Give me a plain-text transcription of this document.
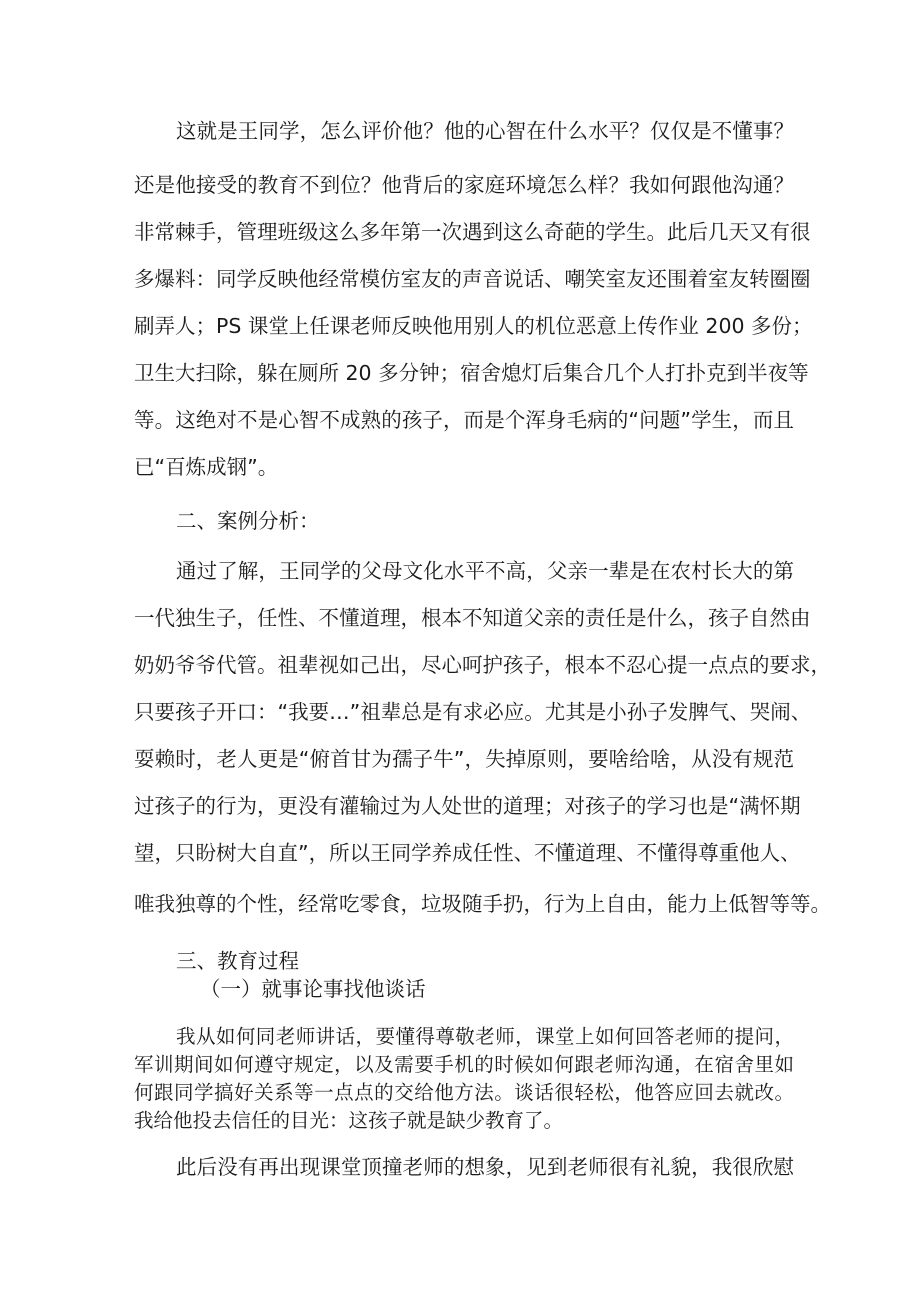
这就是王同学，怎么评价他？他的心智在什么水平？仅仅是不懂事？

还是他接受的教育不到位？他背后的家庭环境怎么样？我如何跟他沟通？

非常棘手，管理班级这么多年第一次遇到这么奇葩的学生。此后几天又有很

多爆料：同学反映他经常模仿室友的声音说话、嘲笑室友还围着室友转圈圈

刷弄人；PS 课堂上任课老师反映他用别人的机位恶意上传作业 200 多份；

卫生大扫除，躲在厕所 20 多分钟；宿舍熄灯后集合几个人打扑克到半夜等

等。这绝对不是心智不成熟的孩子，而是个浑身毛病的“问题”学生，而且

已“百炼成钢”。

二、案例分析：

通过了解，王同学的父母文化水平不高，父亲一辈是在农村长大的第

一代独生子，任性、不懂道理，根本不知道父亲的责任是什么，孩子自然由

奶奶爷爷代管。祖辈视如己出，尽心呵护孩子，根本不忍心提一点点的要求，

只要孩子开口：“我要…”祖辈总是有求必应。尤其是小孙子发脾气、哭闹、

耍赖时，老人更是“俯首甘为孺子牛”，失掉原则，要啥给啥，从没有规范

过孩子的行为，更没有灌输过为人处世的道理；对孩子的学习也是“满怀期

望，只盼树大自直”，所以王同学养成任性、不懂道理、不懂得尊重他人、

唯我独尊的个性，经常吃零食，垃圾随手扔，行为上自由，能力上低智等等。

三、教育过程

（一）就事论事找他谈话

我从如何同老师讲话，要懂得尊敬老师，课堂上如何回答老师的提问，

军训期间如何遵守规定，以及需要手机的时候如何跟老师沟通，在宿舍里如

何跟同学搞好关系等一点点的交给他方法。谈话很轻松，他答应回去就改。

我给他投去信任的目光：这孩子就是缺少教育了。

此后没有再出现课堂顶撞老师的想象，见到老师很有礼貌，我很欣慰
